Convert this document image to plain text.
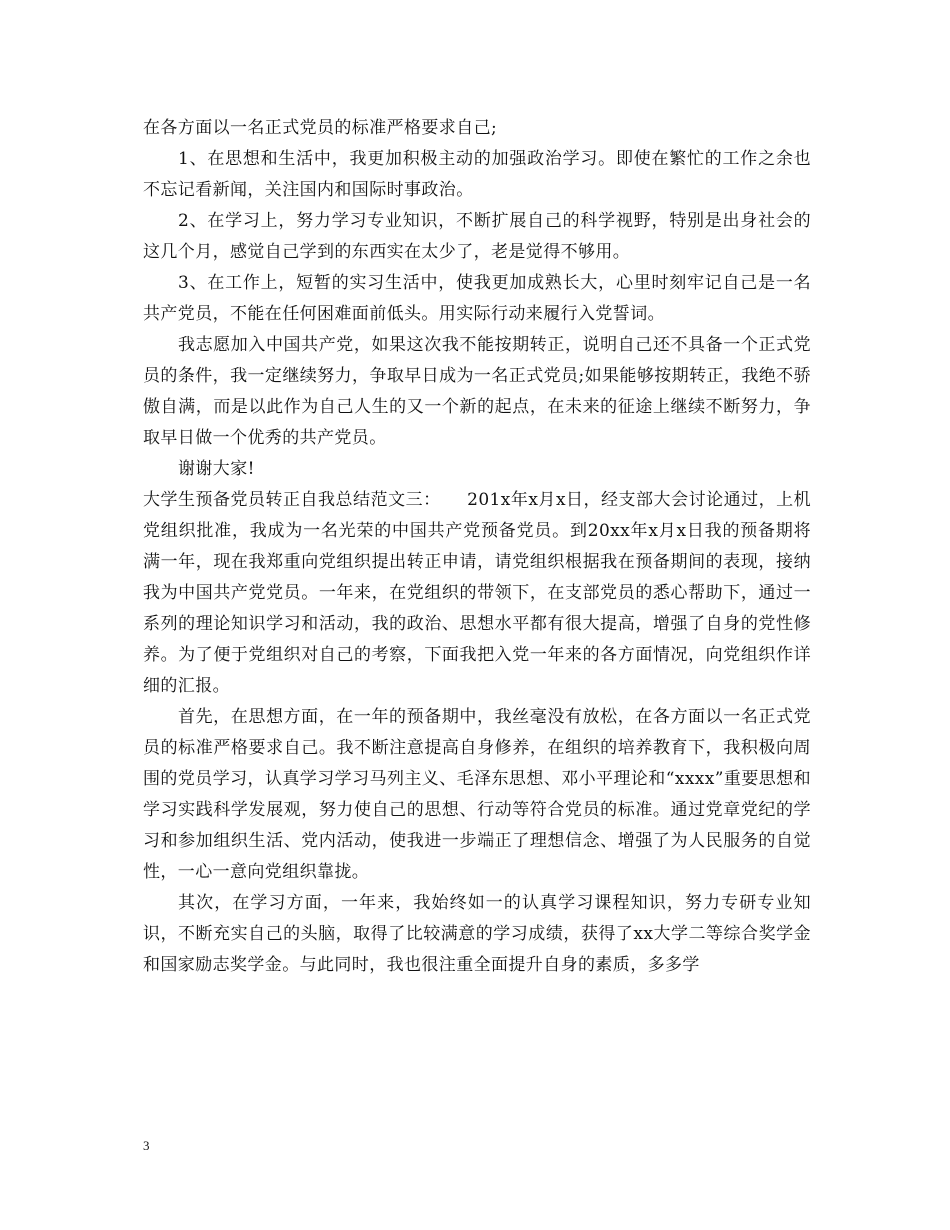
在各方面以一名正式党员的标准严格要求自己;

1、在思想和生活中，我更加积极主动的加强政治学习。即使在繁忙的工作之余也不忘记看新闻，关注国内和国际时事政治。

2、在学习上，努力学习专业知识，不断扩展自己的科学视野，特别是出身社会的这几个月，感觉自己学到的东西实在太少了，老是觉得不够用。

3、在工作上，短暂的实习生活中，使我更加成熟长大，心里时刻牢记自己是一名共产党员，不能在任何困难面前低头。用实际行动来履行入党誓词。

我志愿加入中国共产党，如果这次我不能按期转正，说明自己还不具备一个正式党员的条件，我一定继续努力，争取早日成为一名正式党员;如果能够按期转正，我绝不骄傲自满，而是以此作为自己人生的又一个新的起点，在未来的征途上继续不断努力，争取早日做一个优秀的共产党员。

谢谢大家!

大学生预备党员转正自我总结范文三：　　201x年x月x日，经支部大会讨论通过，上机党组织批准，我成为一名光荣的中国共产党预备党员。到20xx年x月x日我的预备期将满一年，现在我郑重向党组织提出转正申请，请党组织根据我在预备期间的表现，接纳我为中国共产党党员。一年来，在党组织的带领下，在支部党员的悉心帮助下，通过一系列的理论知识学习和活动，我的政治、思想水平都有很大提高，增强了自身的党性修养。为了便于党组织对自己的考察，下面我把入党一年来的各方面情况，向党组织作详细的汇报。

首先，在思想方面，在一年的预备期中，我丝毫没有放松，在各方面以一名正式党员的标准严格要求自己。我不断注意提高自身修养，在组织的培养教育下，我积极向周围的党员学习，认真学习学习马列主义、毛泽东思想、邓小平理论和“xxxx”重要思想和学习实践科学发展观，努力使自己的思想、行动等符合党员的标准。通过党章党纪的学习和参加组织生活、党内活动，使我进一步端正了理想信念、增强了为人民服务的自觉性，一心一意向党组织靠拢。

其次，在学习方面，一年来，我始终如一的认真学习课程知识，努力专研专业知识，不断充实自己的头脑，取得了比较满意的学习成绩，获得了xx大学二等综合奖学金和国家励志奖学金。与此同时，我也很注重全面提升自身的素质，多多学

3
